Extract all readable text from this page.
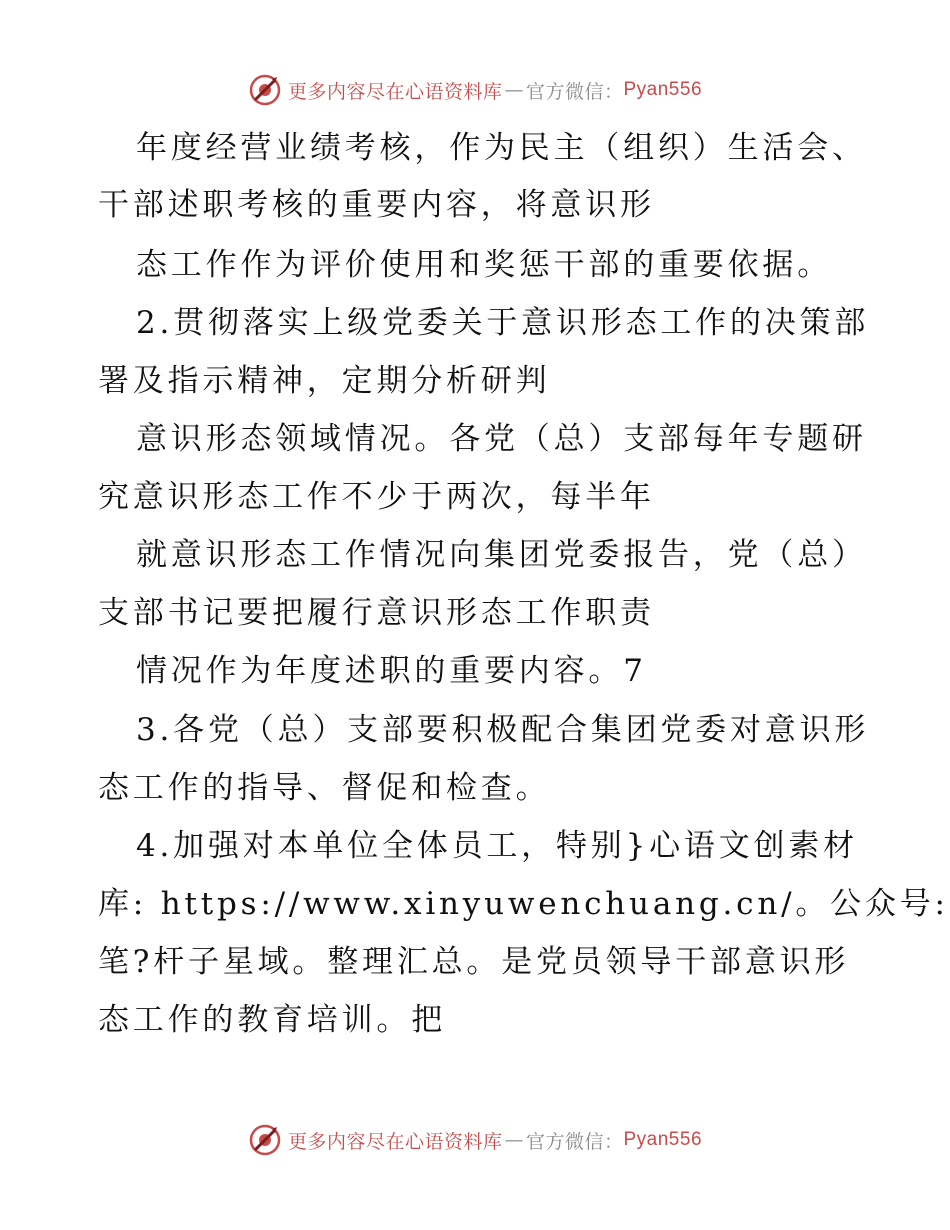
更多内容尽在心语资料库 — 官方微信： Pyan556
年度经营业绩考核，作为民主（组织）生活会、
干部述职考核的重要内容，将意识形
态工作作为评价使用和奖惩干部的重要依据。
2.贯彻落实上级党委关于意识形态工作的决策部
署及指示精神，定期分析研判
意识形态领域情况。各党（总）支部每年专题研
究意识形态工作不少于两次，每半年
就意识形态工作情况向集团党委报告，党（总）
支部书记要把履行意识形态工作职责
情况作为年度述职的重要内容。7
3.各党（总）支部要积极配合集团党委对意识形
态工作的指导、督促和检查。
4.加强对本单位全体员工，特别}心语文创素材
库: https://www.xinyuwenchuang.cn/。公众号:
笔?杆子星域。整理汇总。是党员领导干部意识形
态工作的教育培训。把
更多内容尽在心语资料库 — 官方微信： Pyan556
